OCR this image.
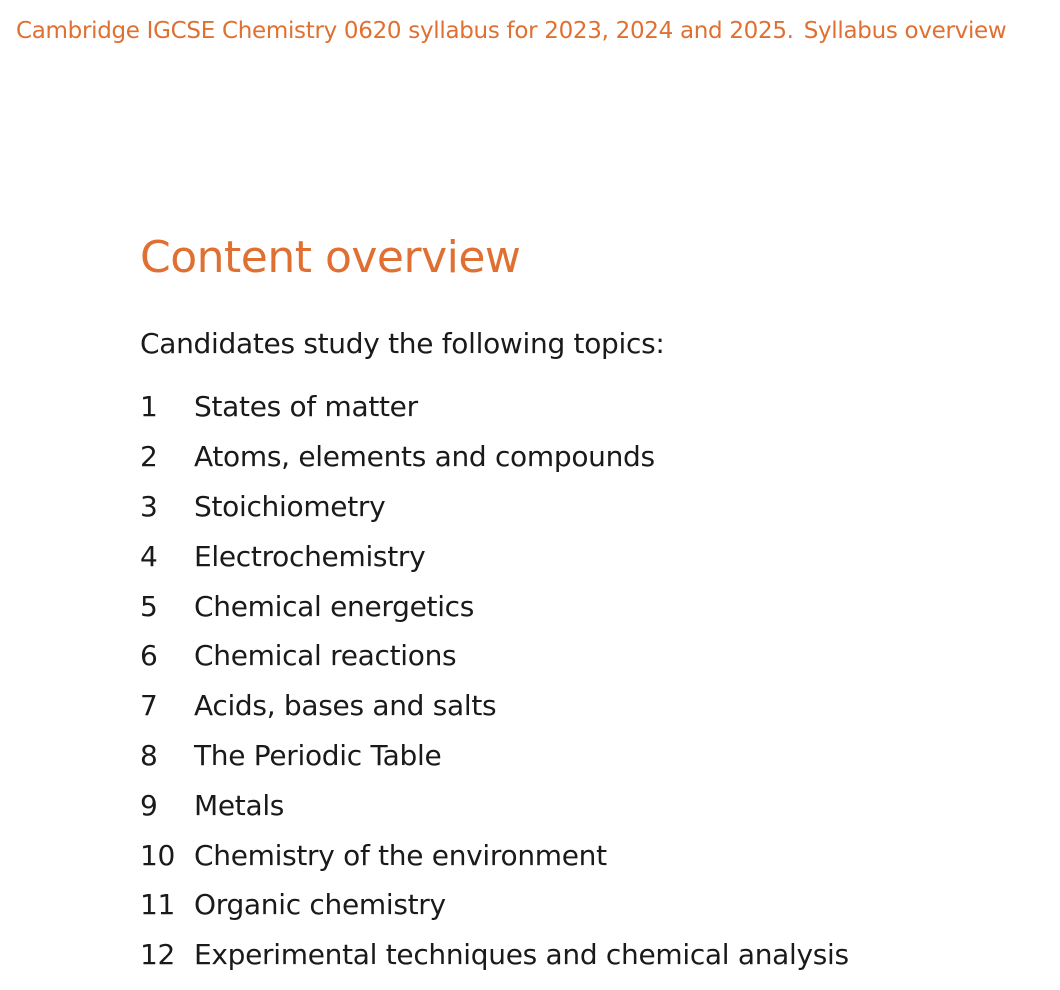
Cambridge IGCSE Chemistry 0620 syllabus for 2023, 2024 and 2025. Syllabus overview
Content overview

Candidates study the following topics:

1	States of matter
2	Atoms, elements and compounds
3	Stoichiometry
4	Electrochemistry
5	Chemical energetics
6	Chemical reactions
7	Acids, bases and salts
8	The Periodic Table
9	Metals
10 Chemistry of the environment
11 Organic chemistry
12 Experimental techniques and chemical analysis
